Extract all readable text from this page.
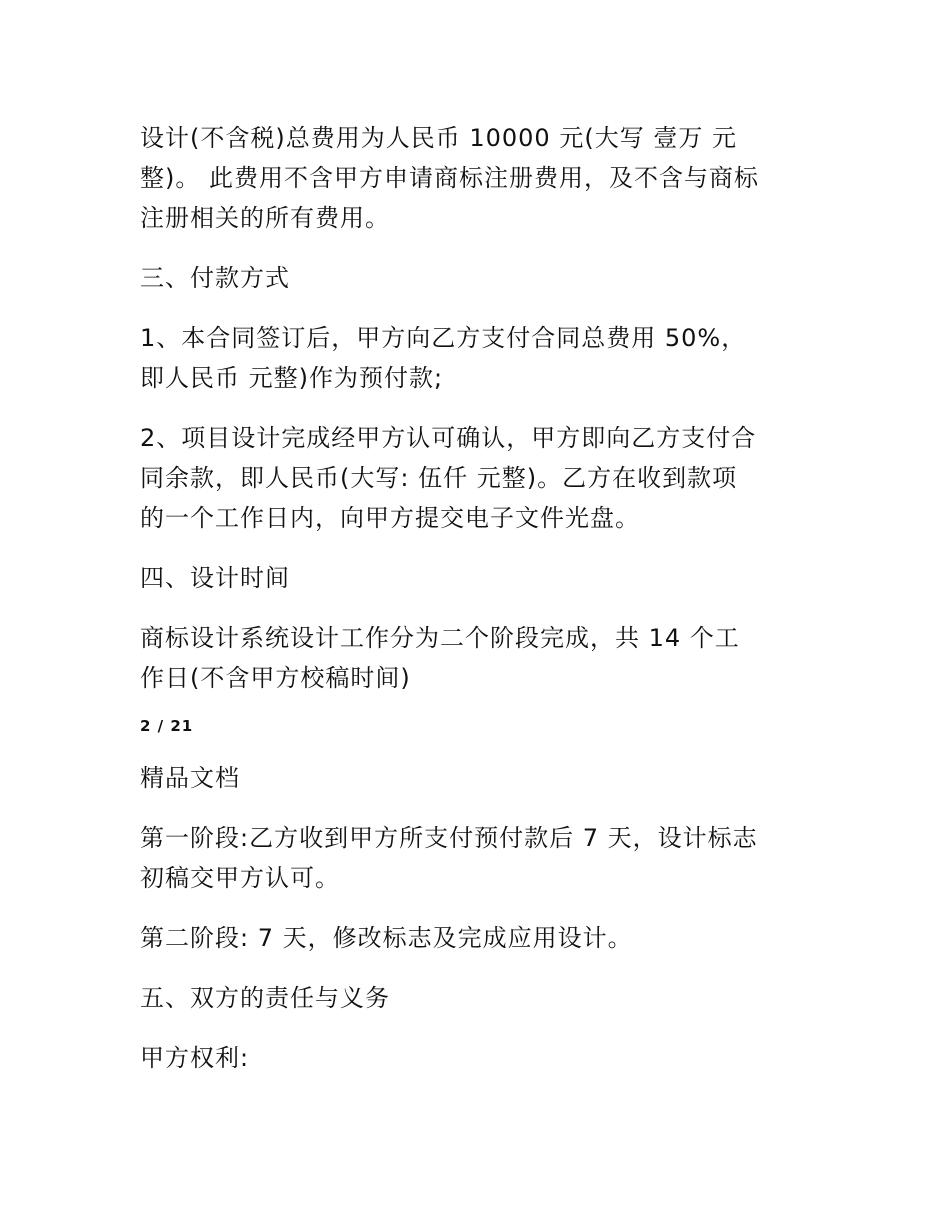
设计(不含税)总费用为人民币 10000 元(大写 壹万 元
整)。 此费用不含甲方申请商标注册费用，及不含与商标
注册相关的所有费用。
三、付款方式
1、本合同签订后，甲方向乙方支付合同总费用 50%，
即人民币 元整)作为预付款;
2、项目设计完成经甲方认可确认，甲方即向乙方支付合
同余款，即人民币(大写: 伍仟 元整)。乙方在收到款项
的一个工作日内，向甲方提交电子文件光盘。
四、设计时间
商标设计系统设计工作分为二个阶段完成，共 14 个工
作日(不含甲方校稿时间)
2 / 21
精品文档
第一阶段:乙方收到甲方所支付预付款后 7 天，设计标志
初稿交甲方认可。
第二阶段: 7 天，修改标志及完成应用设计。
五、双方的责任与义务
甲方权利:
